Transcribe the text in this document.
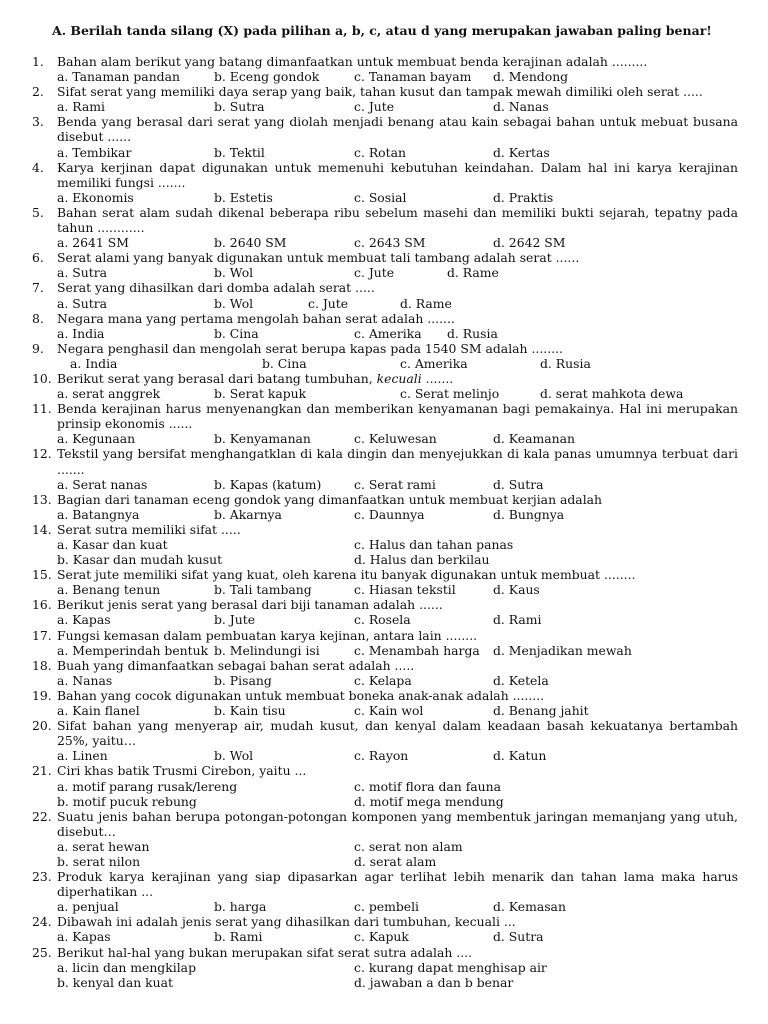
A. Berilah tanda silang (X) pada pilihan a, b, c, atau d yang merupakan jawaban paling benar!
1. Bahan alam berikut yang batang dimanfaatkan untuk membuat benda kerajinan adalah .........
a. Tanaman pandan	b. Eceng gondok	c. Tanaman bayam d. Mendong
2. Sifat serat yang memiliki daya serap yang baik, tahan kusut dan tampak mewah dimiliki oleh serat .....
a. Rami	b. Sutra	c. Jute	d. Nanas
3. Benda yang berasal dari serat yang diolah menjadi benang atau kain sebagai bahan untuk mebuat busana disebut ......
a. Tembikar	b. Tektil	c. Rotan	d. Kertas
4. Karya kerjinan dapat digunakan untuk memenuhi kebutuhan keindahan. Dalam hal ini karya kerajinan memiliki fungsi .......
a. Ekonomis	b. Estetis	c. Sosial	d. Praktis
5. Bahan serat alam sudah dikenal beberapa ribu sebelum masehi dan memiliki bukti sejarah, tepatny pada tahun ............
a. 2641 SM	b. 2640 SM	c. 2643 SM	d. 2642 SM
6. Serat alami yang banyak digunakan untuk membuat tali tambang adalah serat ......
a. Sutra	b. Wol	c. Jute	d. Rame
7. Serat yang dihasilkan dari domba adalah serat .....
a. Sutra	b. Wol	c. Jute	d. Rame
8. Negara mana yang pertama mengolah bahan serat adalah .......
a. India	b. Cina	c. Amerika d. Rusia
9. Negara penghasil dan mengolah serat berupa kapas pada 1540 SM adalah ........
a. India	b. Cina	c. Amerika	d. Rusia
10. Berikut serat yang berasal dari batang tumbuhan, kecuali .......
a. serat anggrek	b. Serat kapuk	c. Serat melinjo	d. serat mahkota dewa
11. Benda kerajinan harus menyenangkan dan memberikan kenyamanan bagi pemakainya. Hal ini merupakan prinsip ekonomis ......
a. Kegunaan	b. Kenyamanan	c. Keluwesan	d. Keamanan
12. Tekstil yang bersifat menghangatklan di kala dingin dan menyejukkan di kala panas umumnya terbuat dari .......
a. Serat nanas	b. Kapas (katum)	c. Serat rami	d. Sutra
13. Bagian dari tanaman eceng gondok yang dimanfaatkan untuk membuat kerjian adalah
a. Batangnya	b. Akarnya	c. Daunnya	d. Bungnya
14. Serat sutra memiliki sifat .....
a. Kasar dan kuat	c. Halus dan tahan panas
b. Kasar dan mudah kusut	d. Halus dan berkilau
15. Serat jute memiliki sifat yang kuat, oleh karena itu banyak digunakan untuk membuat ........
a. Benang tenun	b. Tali tambang	c. Hiasan tekstil	d. Kaus
16. Berikut jenis serat yang berasal dari biji tanaman adalah ......
a. Kapas	b. Jute	c. Rosela	d. Rami
17. Fungsi kemasan dalam pembuatan karya kejinan, antara lain ........
a. Memperindah bentuk b. Melindungi isi	c. Menambah harga d. Menjadikan mewah
18. Buah yang dimanfaatkan sebagai bahan serat adalah .....
a. Nanas	b. Pisang	c. Kelapa	d. Ketela
19. Bahan yang cocok digunakan untuk membuat boneka anak-anak adalah ........
a. Kain flanel	b. Kain tisu	c. Kain wol	d. Benang jahit
20. Sifat bahan yang menyerap air, mudah kusut, dan kenyal dalam keadaan basah kekuatanya bertambah 25%, yaitu…
a. Linen	b. Wol	c. Rayon	d. Katun
21. Ciri khas batik Trusmi Cirebon, yaitu ...
a. motif parang rusak/lereng	c. motif flora dan fauna
b. motif pucuk rebung	d. motif mega mendung
22. Suatu jenis bahan berupa potongan-potongan komponen yang membentuk jaringan memanjang yang utuh, disebut…
a. serat hewan	c. serat non alam
b. serat nilon	d. serat alam
23. Produk karya kerajinan yang siap dipasarkan agar terlihat lebih menarik dan tahan lama maka harus diperhatikan ...
a. penjual	b. harga	c. pembeli	d. Kemasan
24. Dibawah ini adalah jenis serat yang dihasilkan dari tumbuhan, kecuali ...
a. Kapas	b. Rami	c. Kapuk	d. Sutra
25. Berikut hal-hal yang bukan merupakan sifat serat sutra adalah ....
a. licin dan mengkilap	c. kurang dapat menghisap air
b. kenyal dan kuat	d. jawaban a dan b benar
